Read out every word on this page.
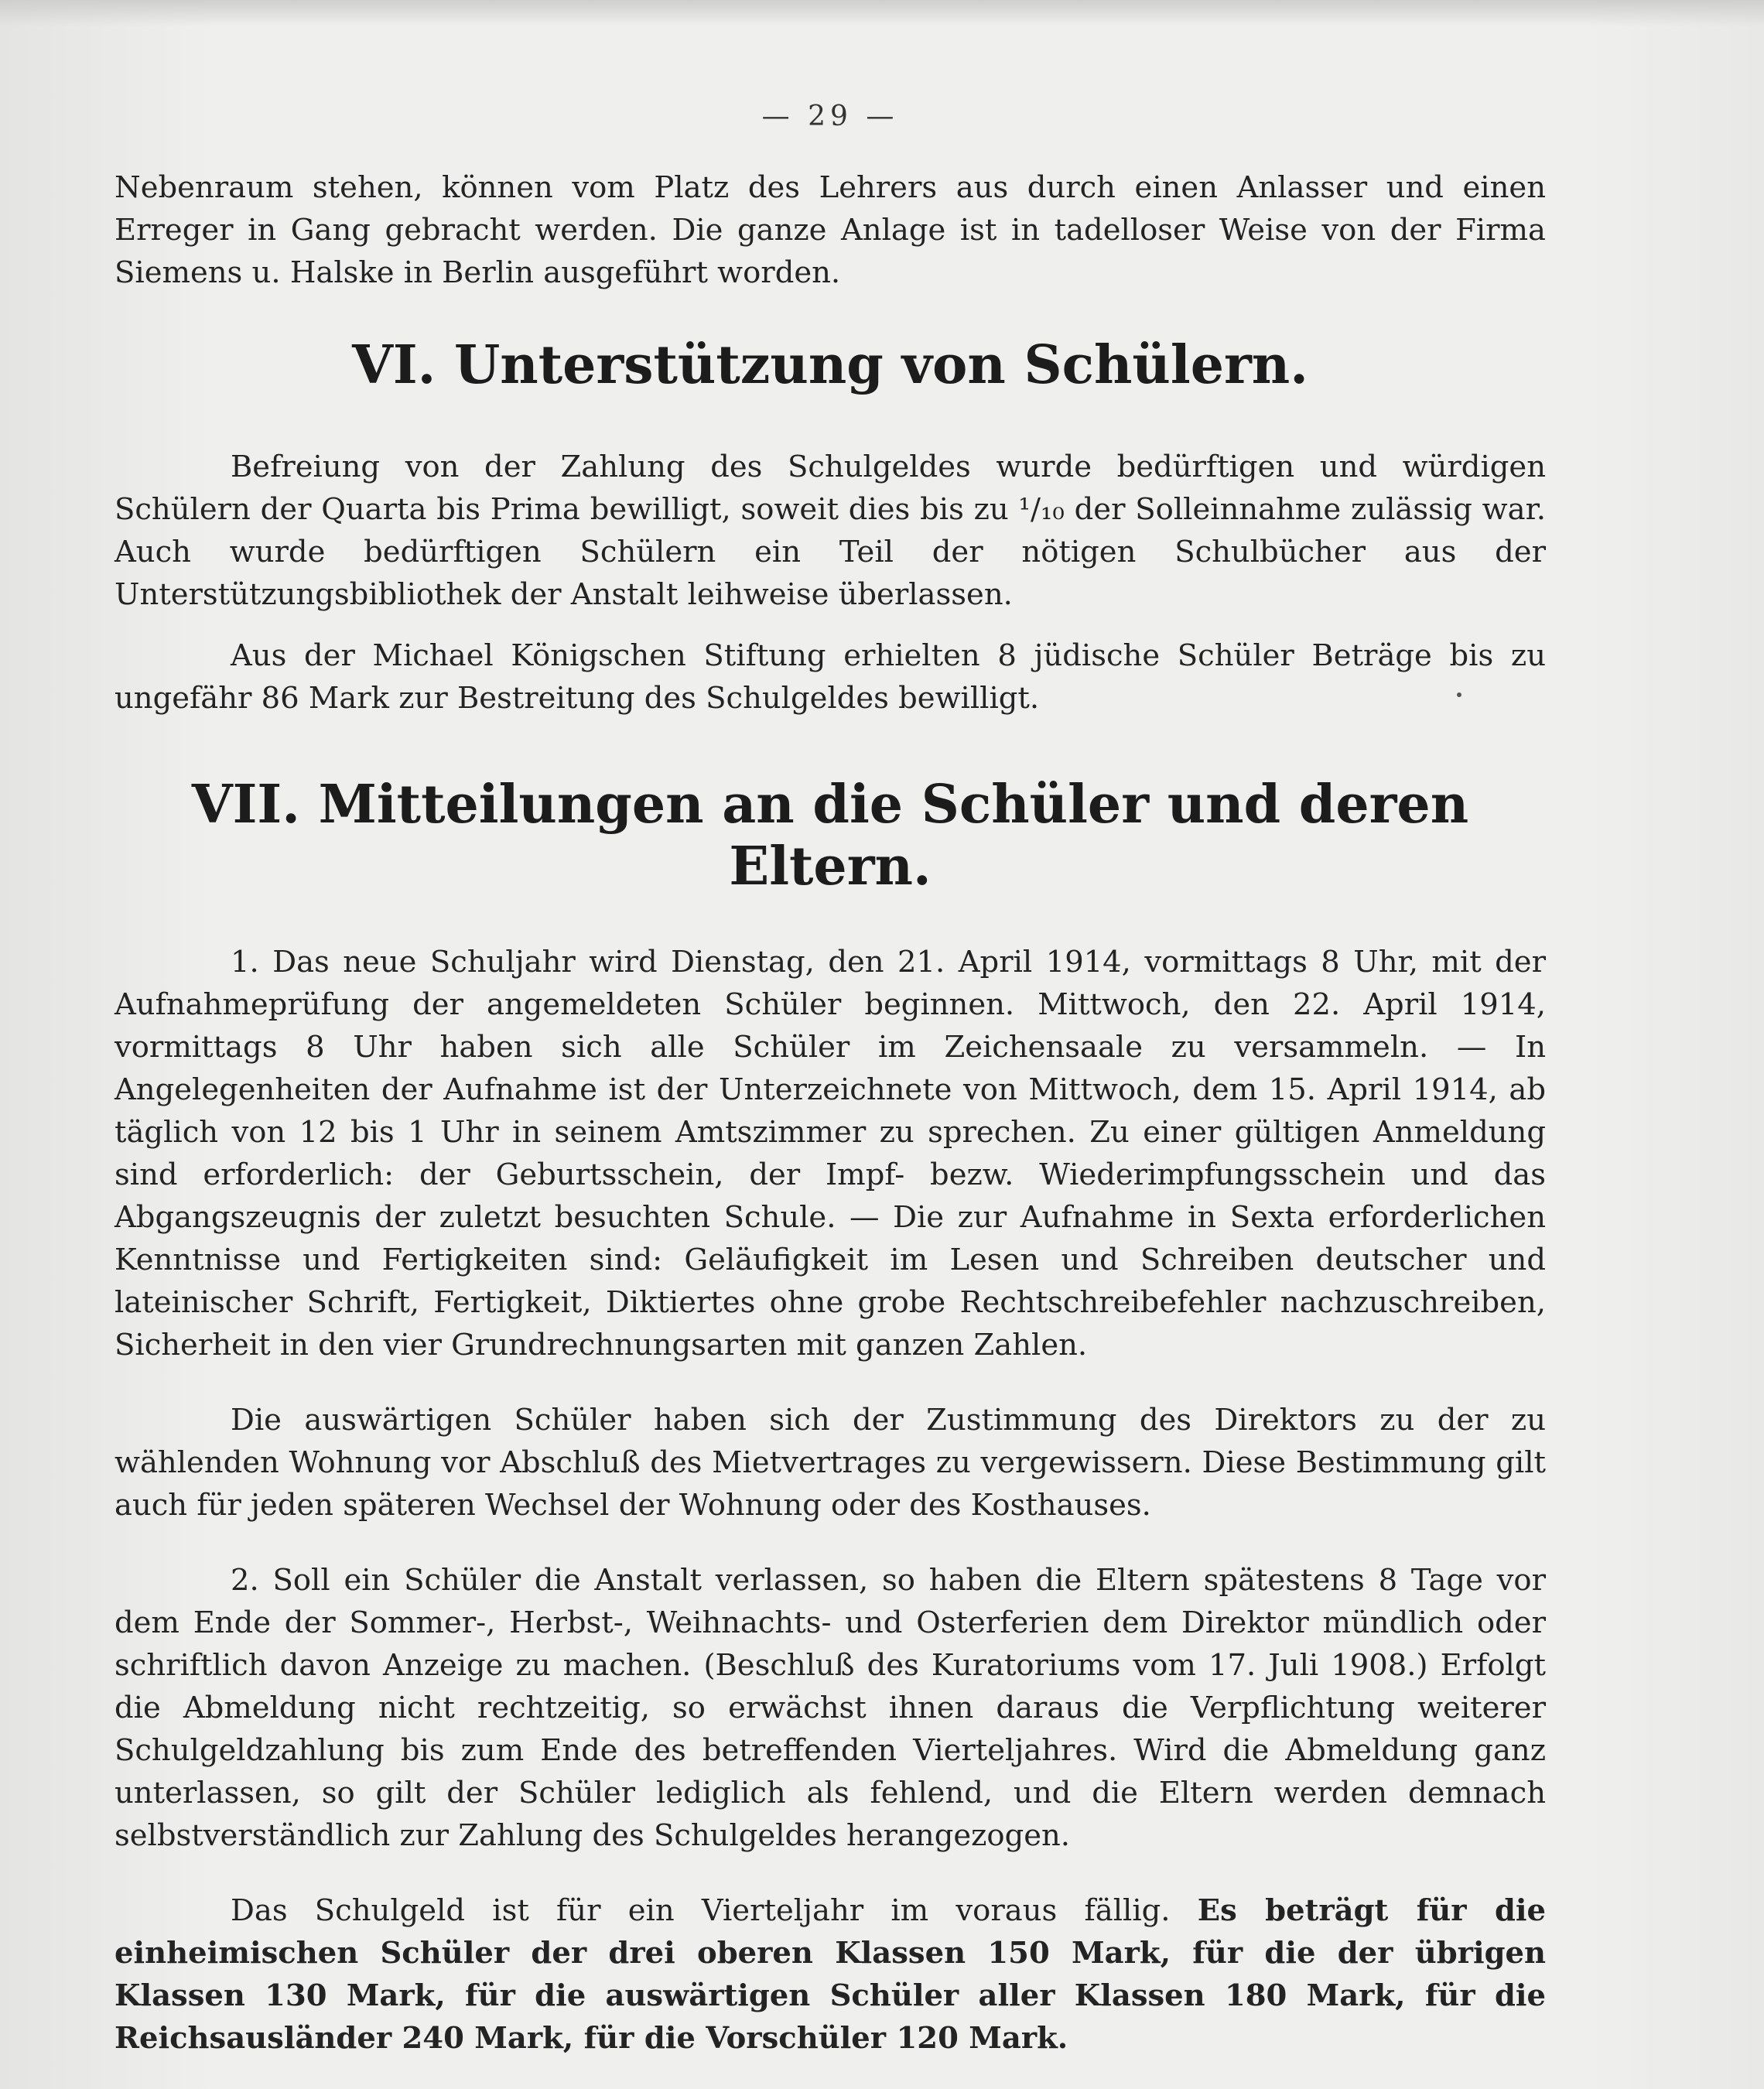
— 29 —

Nebenraum stehen, können vom Platz des Lehrers aus durch einen Anlasser und einen Erreger in Gang gebracht werden. Die ganze Anlage ist in tadelloser Weise von der Firma Siemens u. Halske in Berlin ausgeführt worden.

VI. Unterstützung von Schülern.

Befreiung von der Zahlung des Schulgeldes wurde bedürftigen und würdigen Schülern der Quarta bis Prima bewilligt, soweit dies bis zu ¹/₁₀ der Solleinnahme zulässig war. Auch wurde bedürftigen Schülern ein Teil der nötigen Schulbücher aus der Unterstützungsbibliothek der Anstalt leihweise überlassen.

Aus der Michael Königschen Stiftung erhielten 8 jüdische Schüler Beträge bis zu ungefähr 86 Mark zur Bestreitung des Schulgeldes bewilligt.

VII. Mitteilungen an die Schüler und deren Eltern.

1. Das neue Schuljahr wird Dienstag, den 21. April 1914, vormittags 8 Uhr, mit der Aufnahmeprüfung der angemeldeten Schüler beginnen. Mittwoch, den 22. April 1914, vormittags 8 Uhr haben sich alle Schüler im Zeichensaale zu versammeln. — In Angelegenheiten der Aufnahme ist der Unterzeichnete von Mittwoch, dem 15. April 1914, ab täglich von 12 bis 1 Uhr in seinem Amtszimmer zu sprechen. Zu einer gültigen Anmeldung sind erforderlich: der Geburtsschein, der Impf- bezw. Wiederimpfungsschein und das Abgangszeugnis der zuletzt besuchten Schule. — Die zur Aufnahme in Sexta erforderlichen Kenntnisse und Fertigkeiten sind: Geläufigkeit im Lesen und Schreiben deutscher und lateinischer Schrift, Fertigkeit, Diktiertes ohne grobe Rechtschreibefehler nachzuschreiben, Sicherheit in den vier Grundrechnungsarten mit ganzen Zahlen.

Die auswärtigen Schüler haben sich der Zustimmung des Direktors zu der zu wählenden Wohnung vor Abschluß des Mietvertrages zu vergewissern. Diese Bestimmung gilt auch für jeden späteren Wechsel der Wohnung oder des Kosthauses.

2. Soll ein Schüler die Anstalt verlassen, so haben die Eltern spätestens 8 Tage vor dem Ende der Sommer-, Herbst-, Weihnachts- und Osterferien dem Direktor mündlich oder schriftlich davon Anzeige zu machen. (Beschluß des Kuratoriums vom 17. Juli 1908.) Erfolgt die Abmeldung nicht rechtzeitig, so erwächst ihnen daraus die Verpflichtung weiterer Schulgeldzahlung bis zum Ende des betreffenden Vierteljahres. Wird die Abmeldung ganz unterlassen, so gilt der Schüler lediglich als fehlend, und die Eltern werden demnach selbstverständlich zur Zahlung des Schulgeldes herangezogen.

Das Schulgeld ist für ein Vierteljahr im voraus fällig. Es beträgt für die einheimischen Schüler der drei oberen Klassen 150 Mark, für die der übrigen Klassen 130 Mark, für die auswärtigen Schüler aller Klassen 180 Mark, für die Reichsausländer 240 Mark, für die Vorschüler 120 Mark.
